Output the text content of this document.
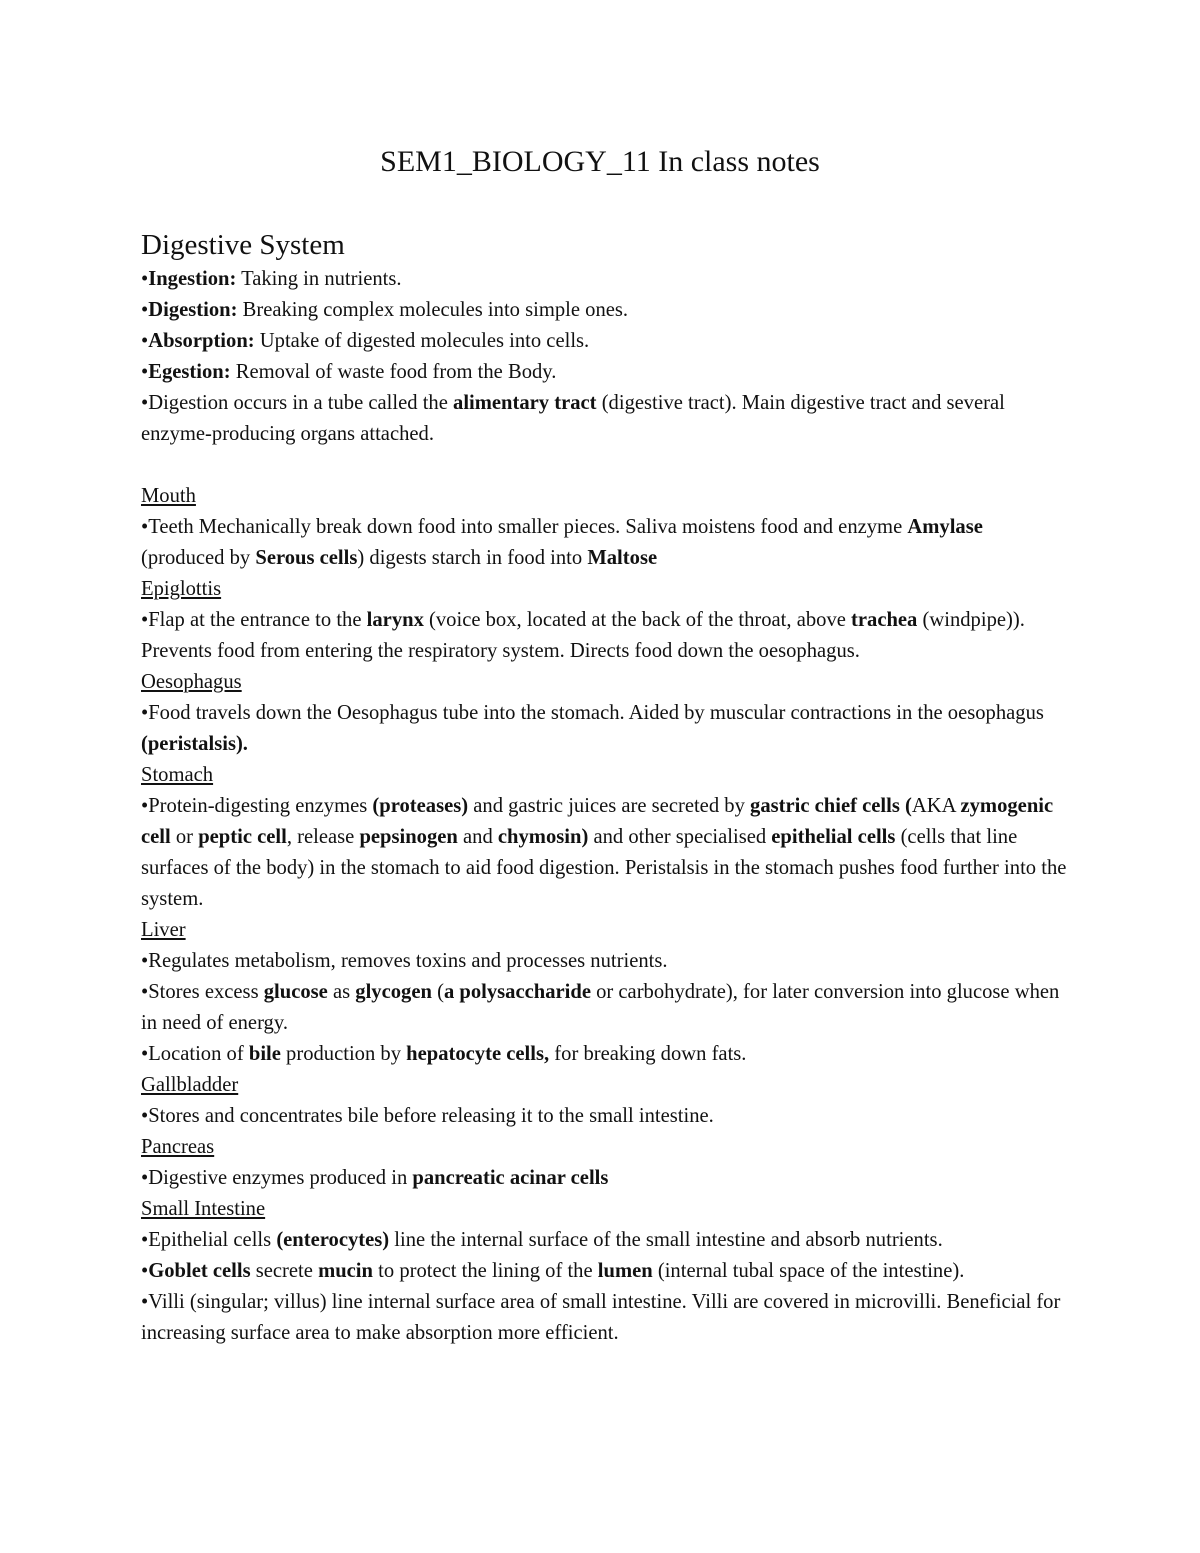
SEM1_BIOLOGY_11 In class notes
Digestive System

•Ingestion: Taking in nutrients.

•Digestion: Breaking complex molecules into simple ones.

•Absorption: Uptake of digested molecules into cells.

•Egestion: Removal of waste food from the Body.

•Digestion occurs in a tube called the alimentary tract (digestive tract). Main digestive tract and several enzyme-producing organs attached.

Mouth

•Teeth Mechanically break down food into smaller pieces. Saliva moistens food and enzyme Amylase (produced by Serous cells) digests starch in food into Maltose

Epiglottis

•Flap at the entrance to the larynx (voice box, located at the back of the throat, above trachea (windpipe)). Prevents food from entering the respiratory system. Directs food down the oesophagus.

Oesophagus

•Food travels down the Oesophagus tube into the stomach. Aided by muscular contractions in the oesophagus (peristalsis).

Stomach

•Protein-digesting enzymes (proteases) and gastric juices are secreted by gastric chief cells (AKA zymogenic cell or peptic cell, release pepsinogen and chymosin) and other specialised epithelial cells (cells that line surfaces of the body) in the stomach to aid food digestion. Peristalsis in the stomach pushes food further into the system.

Liver

•Regulates metabolism, removes toxins and processes nutrients.

•Stores excess glucose as glycogen (a polysaccharide or carbohydrate), for later conversion into glucose when in need of energy.

•Location of bile production by hepatocyte cells, for breaking down fats.

Gallbladder

•Stores and concentrates bile before releasing it to the small intestine.

Pancreas

•Digestive enzymes produced in pancreatic acinar cells

Small Intestine

•Epithelial cells (enterocytes) line the internal surface of the small intestine and absorb nutrients.

•Goblet cells secrete mucin to protect the lining of the lumen (internal tubal space of the intestine).

•Villi (singular; villus) line internal surface area of small intestine. Villi are covered in microvilli. Beneficial for increasing surface area to make absorption more efficient.
